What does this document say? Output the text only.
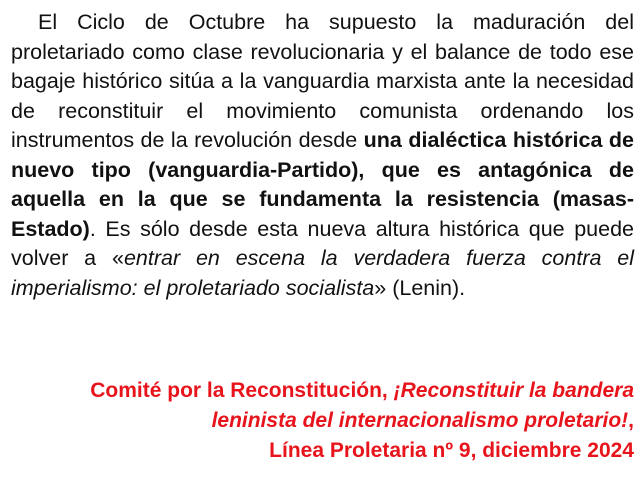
El Ciclo de Octubre ha supuesto la maduración del proletariado como clase revolucionaria y el balance de todo ese bagaje histórico sitúa a la vanguardia marxista ante la necesidad de reconstituir el movimiento comunista ordenando los instrumentos de la revolución desde una dialéctica histórica de nuevo tipo (vanguardia-Partido), que es antagónica de aquella en la que se fundamenta la resistencia (masas-Estado). Es sólo desde esta nueva altura histórica que puede volver a «entrar en escena la verdadera fuerza contra el imperialismo: el proletariado socialista» (Lenin).

Comité por la Reconstitución, ¡Reconstituir la bandera leninista del internacionalismo proletario!,
Línea Proletaria nº 9, diciembre 2024
